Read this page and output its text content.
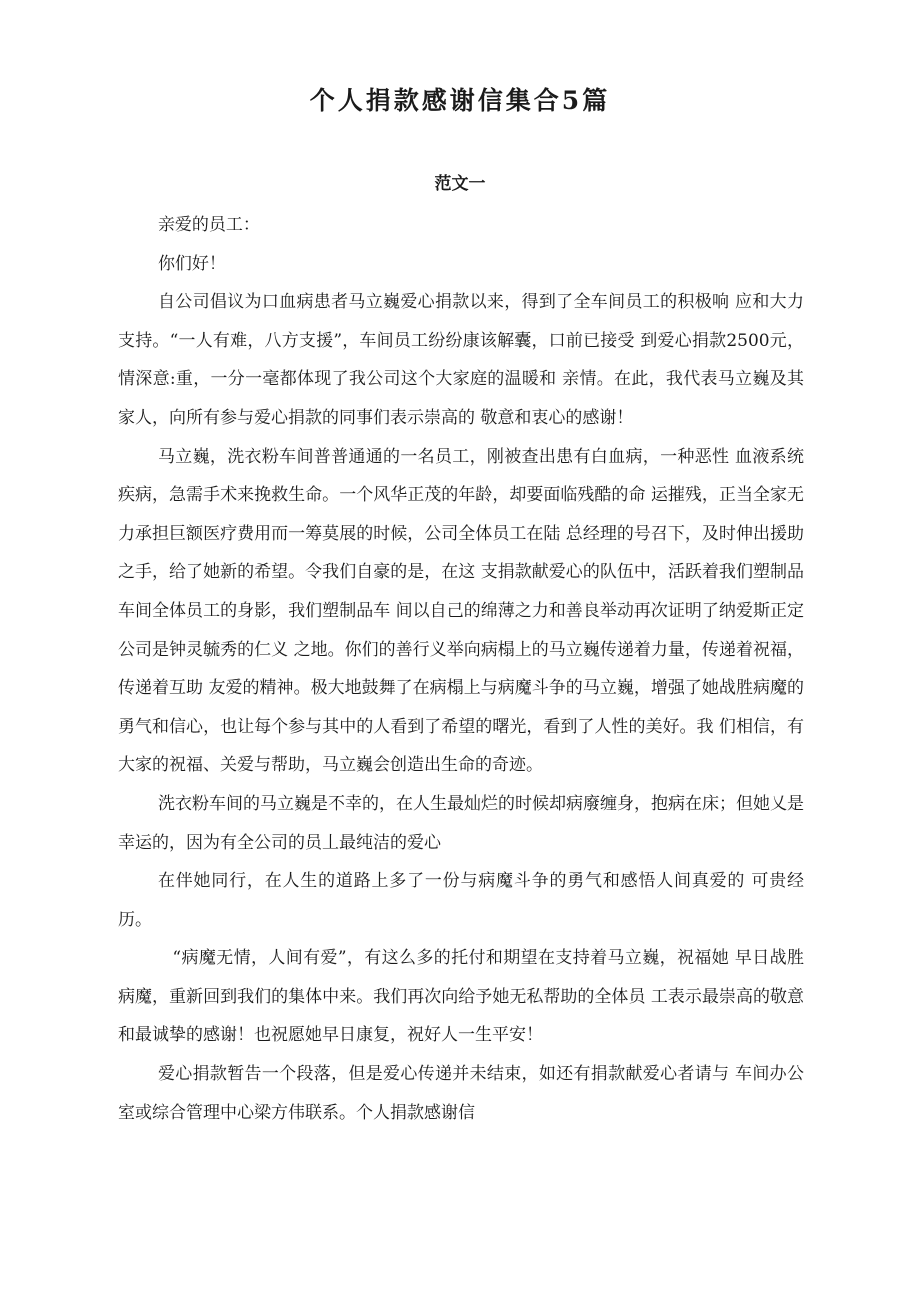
个人捐款感谢信集合5篇
范文一

亲爱的员工：

你们好！

自公司倡议为口血病患者马立巍爱心捐款以来，得到了全车间员工的积极响 应和大力支持。“一人有难，八方支援”，车间员工纷纷康该解囊，口前已接受 到爱心捐款2500元，情深意:重，一分一毫都体现了我公司这个大家庭的温暖和 亲情。在此，我代表马立巍及其家人，向所有参与爱心捐款的同事们表示崇高的 敬意和衷心的感谢！

马立巍，洗衣粉车间普普通通的一名员工，刚被查出患有白血病，一种恶性 血液系统疾病，急需手术来挽救生命。一个风华正茂的年龄，却要面临残酷的命 运摧残，正当全家无力承担巨额医疗费用而一筹莫展的时候，公司全体员工在陆 总经理的号召下，及时伸出援助之手，给了她新的希望。令我们自豪的是，在这 支捐款献爱心的队伍中，活跃着我们塑制品车间全体员工的身影，我们塑制品车 间以自己的绵薄之力和善良举动再次证明了纳爱斯正定公司是钟灵毓秀的仁义 之地。你们的善行义举向病榻上的马立巍传递着力量，传递着祝福，传递着互助 友爱的精神。极大地鼓舞了在病榻上与病魔斗争的马立巍，增强了她战胜病魔的 勇气和信心，也让每个参与其中的人看到了希望的曙光，看到了人性的美好。我 们相信，有大家的祝福、关爱与帮助，马立巍会创造出生命的奇迹。

洗衣粉车间的马立巍是不幸的，在人生最灿烂的时候却病廢缠身，抱病在床；但她乂是幸运的，因为有全公司的员丄最纯洁的爱心

在伴她同行，在人生的道路上多了一份与病魔斗争的勇气和感悟人间真爱的 可贵经历。

“病魔无情，人间有爱”，有这么多的托付和期望在支持着马立巍，祝福她 早日战胜病魔，重新回到我们的集体中来。我们再次向给予她无私帮助的全体员 工表示最崇高的敬意和最诚挚的感谢！也祝愿她早日康复，祝好人一生平安！

爱心捐款暂告一个段落，但是爱心传递并未结束，如还有捐款献爱心者请与 车间办公室或综合管理中心梁方伟联系。个人捐款感谢信
